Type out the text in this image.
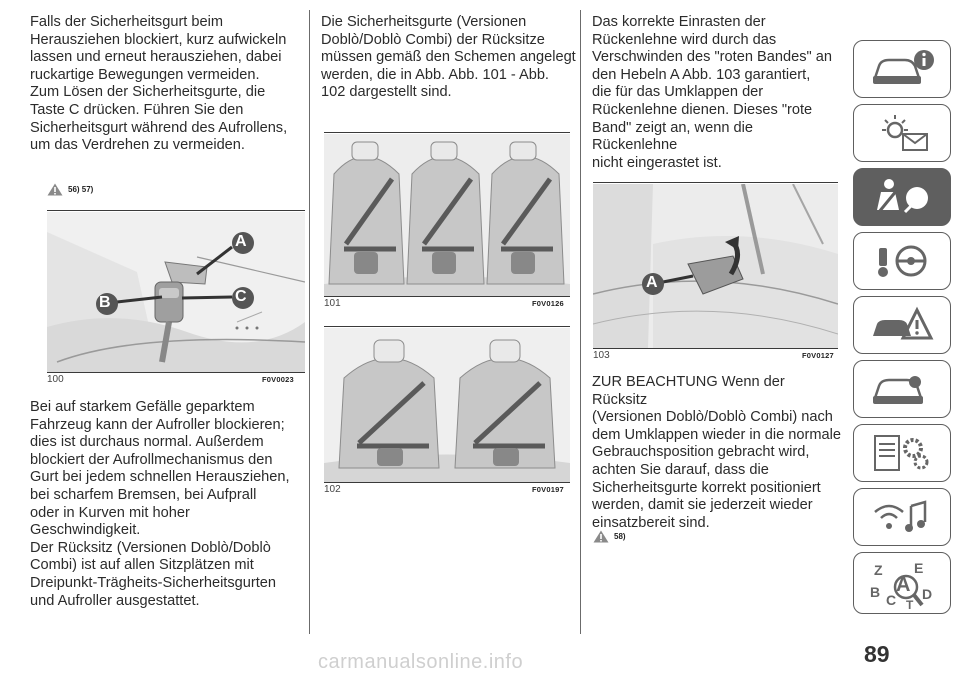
Falls der Sicherheitsgurt beim
Herausziehen blockiert, kurz aufwickeln
lassen und erneut herausziehen, dabei
ruckartige Bewegungen vermeiden.
Zum Lösen der Sicherheitsgurte, die
Taste C drücken. Führen Sie den
Sicherheitsgurt während des Aufrollens,
um das Verdrehen zu vermeiden.
56) 57)
A
B	C
100	F0V0023
Bei auf starkem Gefälle geparktem
Fahrzeug kann der Aufroller blockieren;
dies ist durchaus normal. Außerdem
blockiert der Aufrollmechanismus den
Gurt bei jedem schnellen Herausziehen,
bei scharfem Bremsen, bei Aufprall
oder in Kurven mit hoher
Geschwindigkeit.
Der Rücksitz (Versionen Doblò/Doblò
Combi) ist auf allen Sitzplätzen mit
Dreipunkt-Trägheits-Sicherheitsgurten
und Aufroller ausgestattet.
Die Sicherheitsgurte (Versionen
Doblò/Doblò Combi) der Rücksitze
müssen gemäß den Schemen angelegt
werden, die in Abb. Abb. 101 - Abb.
102 dargestellt sind.
101	F0V0126
102	F0V0197
Das korrekte Einrasten der
Rückenlehne wird durch das
Verschwinden des "roten Bandes" an
den Hebeln A Abb. 103 garantiert,
die für das Umklappen der
Rückenlehne dienen. Dieses "rote
Band" zeigt an, wenn die Rückenlehne
nicht eingerastet ist.
A
103	F0V0127
ZUR BEACHTUNG Wenn der Rücksitz
(Versionen Doblò/Doblò Combi) nach
dem Umklappen wieder in die normale
Gebrauchsposition gebracht wird,
achten Sie darauf, dass die
Sicherheitsgurte korrekt positioniert
werden, damit sie jederzeit wieder
einsatzbereit sind.
58)
Z E
A
B C D
T
89
carmanualsonline.info
